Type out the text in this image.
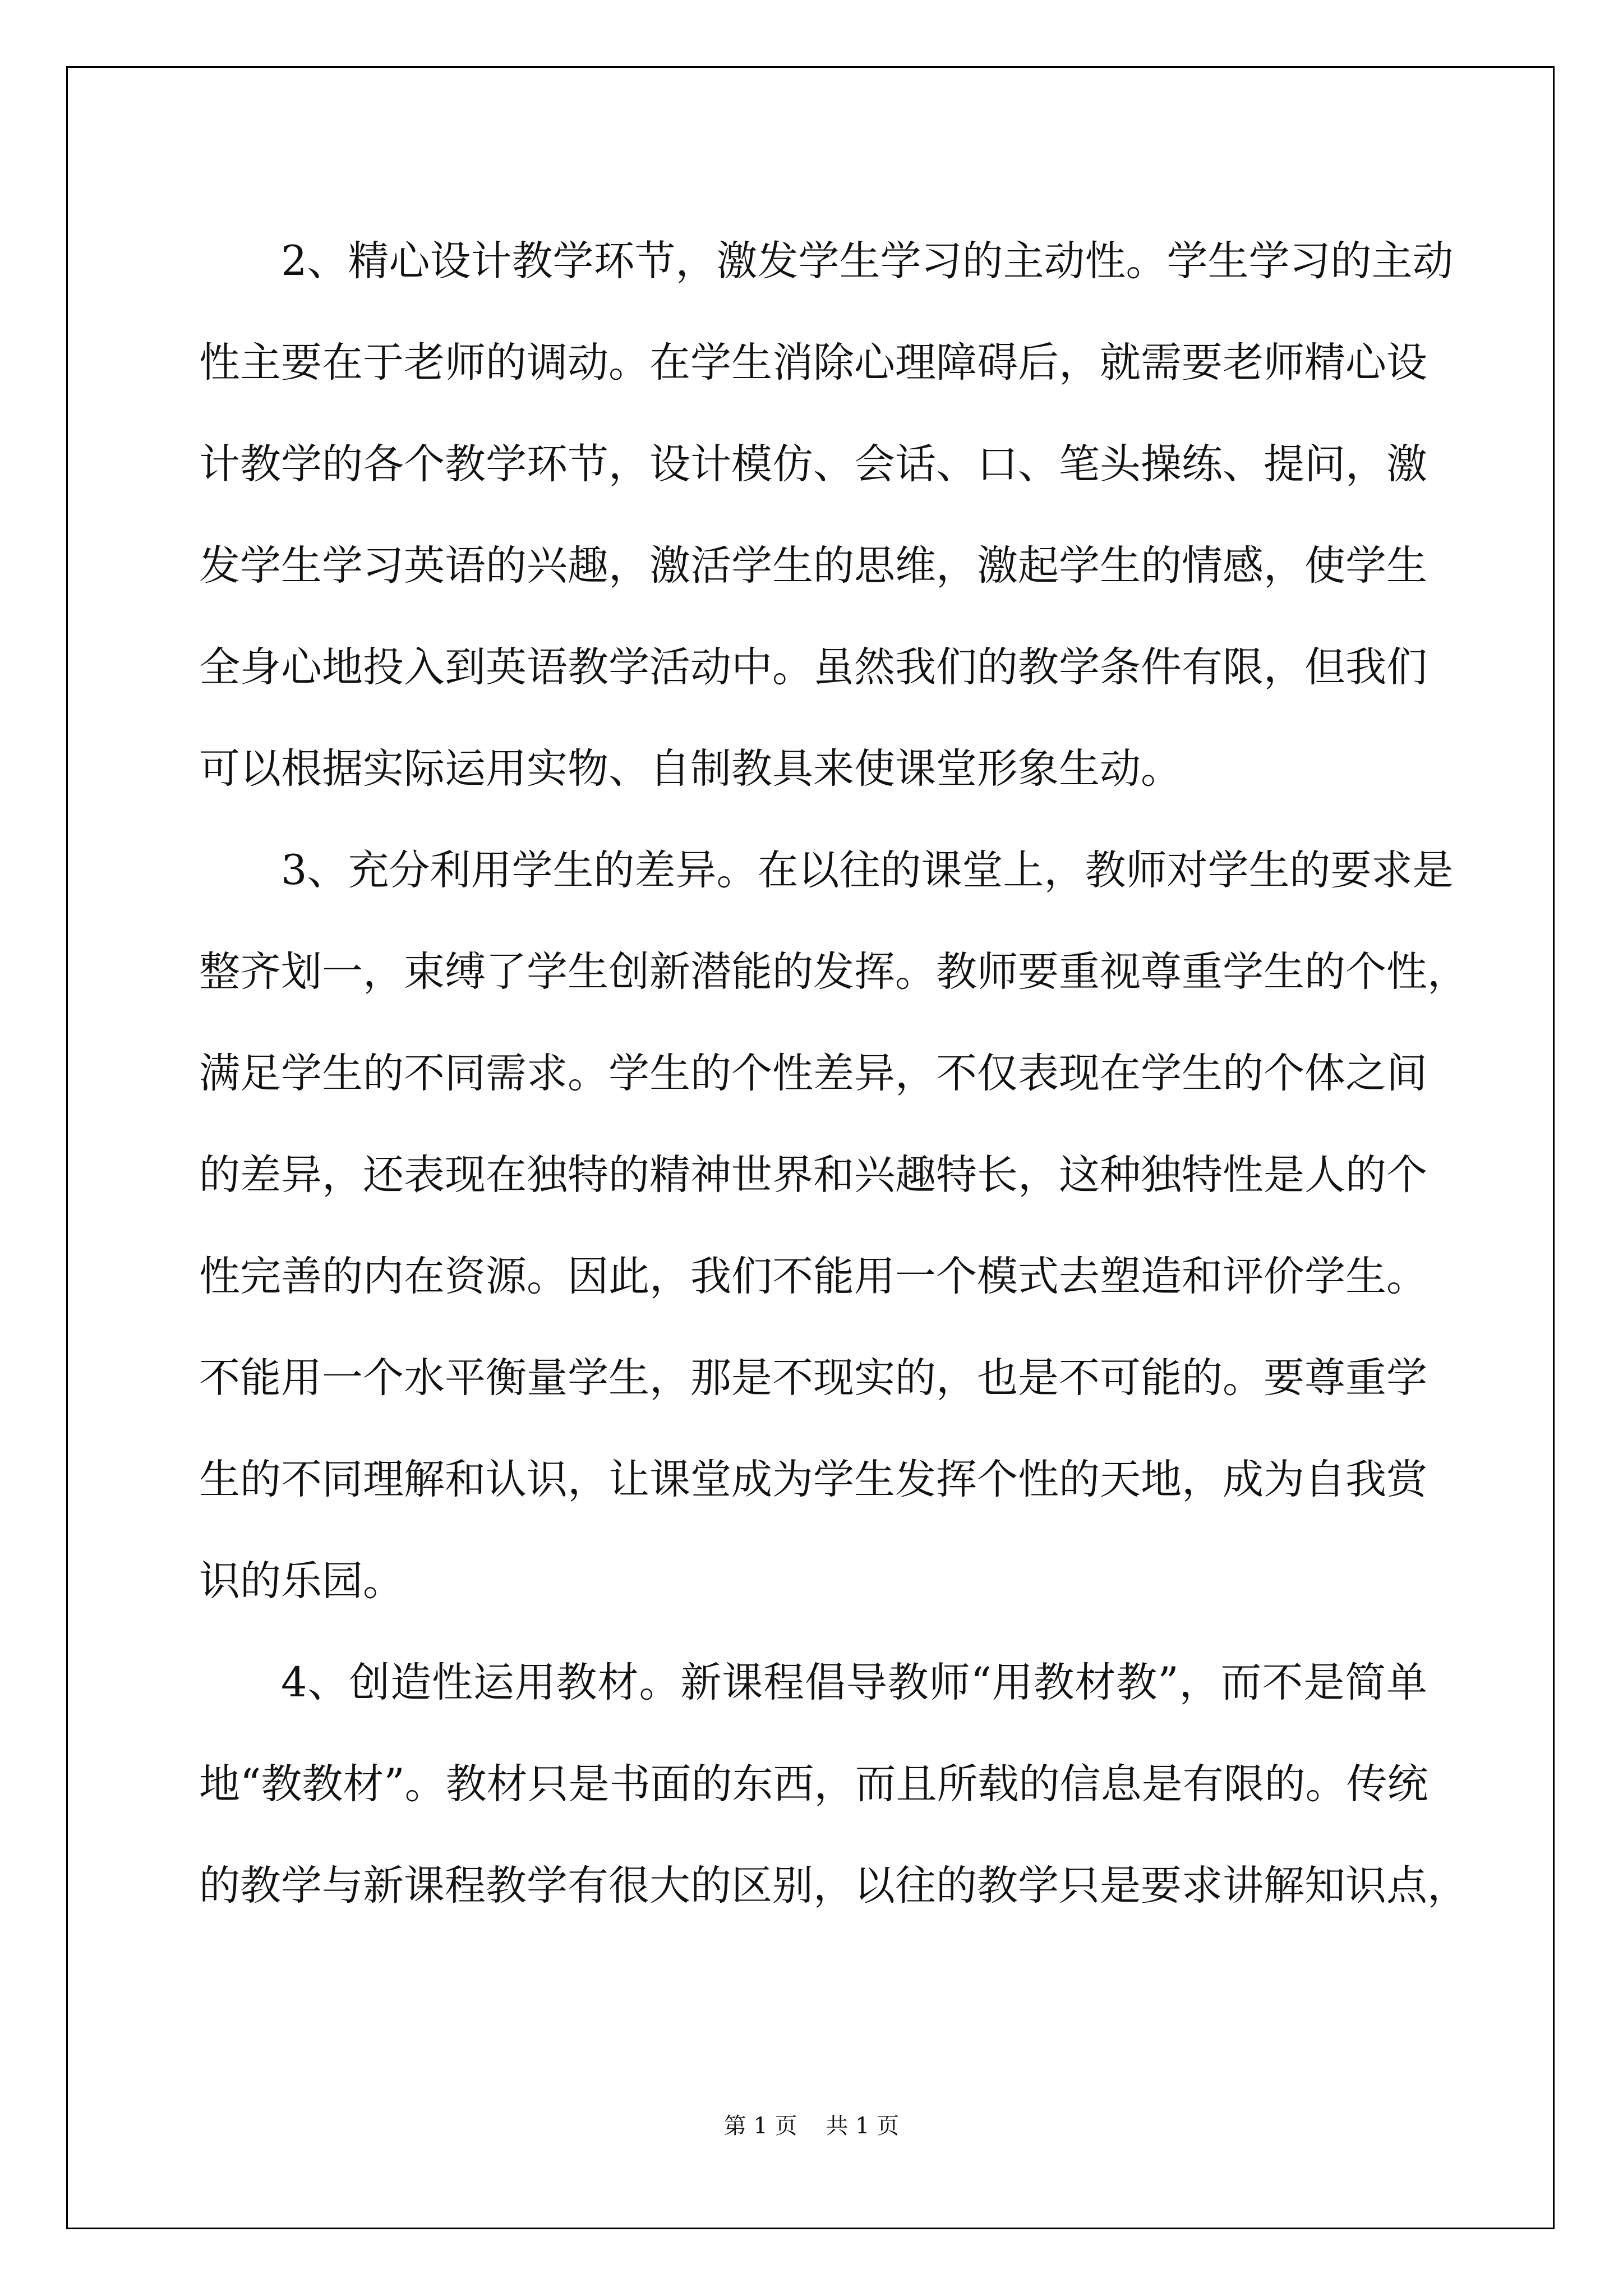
2、精心设计教学环节，激发学生学习的主动性。学生学习的主动
性主要在于老师的调动。在学生消除心理障碍后，就需要老师精心设
计教学的各个教学环节，设计模仿、会话、口、笔头操练、提问，激
发学生学习英语的兴趣，激活学生的思维，激起学生的情感，使学生
全身心地投入到英语教学活动中。虽然我们的教学条件有限，但我们
可以根据实际运用实物、自制教具来使课堂形象生动。
3、充分利用学生的差异。在以往的课堂上，教师对学生的要求是
整齐划一，束缚了学生创新潜能的发挥。教师要重视尊重学生的个性，
满足学生的不同需求。学生的个性差异，不仅表现在学生的个体之间
的差异，还表现在独特的精神世界和兴趣特长，这种独特性是人的个
性完善的内在资源。因此，我们不能用一个模式去塑造和评价学生。
不能用一个水平衡量学生，那是不现实的，也是不可能的。要尊重学
生的不同理解和认识，让课堂成为学生发挥个性的天地，成为自我赏
识的乐园。
4、创造性运用教材。新课程倡导教师“用教材教”，而不是简单
地“教教材”。教材只是书面的东西，而且所载的信息是有限的。传统
的教学与新课程教学有很大的区别，以往的教学只是要求讲解知识点，
第 1 页    共 1 页
